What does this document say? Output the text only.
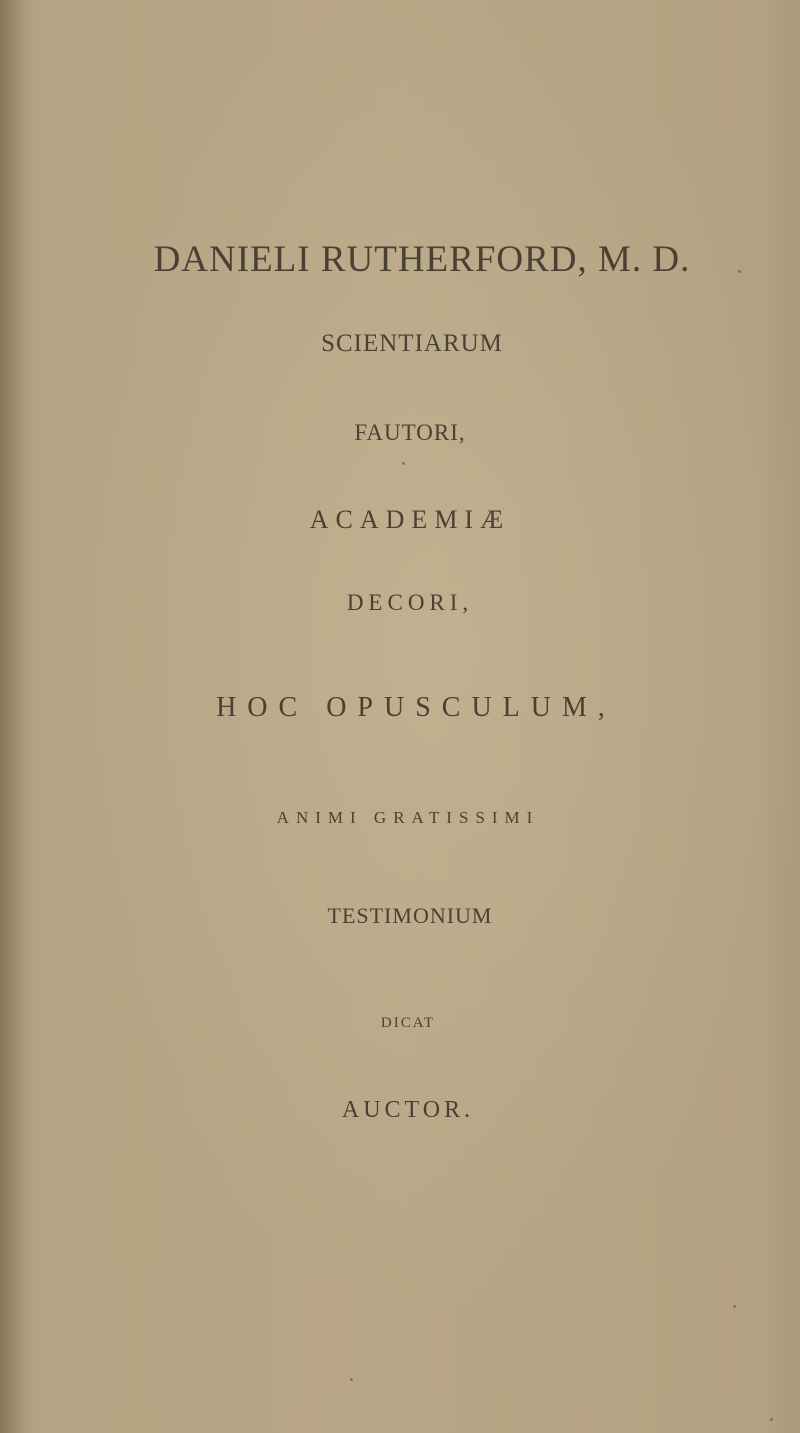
DANIELI RUTHERFORD, M. D.

SCIENTIARUM

FAUTORI,

ACADEMIÆ

DECORI,

HOC OPUSCULUM,

ANIMI GRATISSIMI

TESTIMONIUM

DICAT

AUCTOR.
